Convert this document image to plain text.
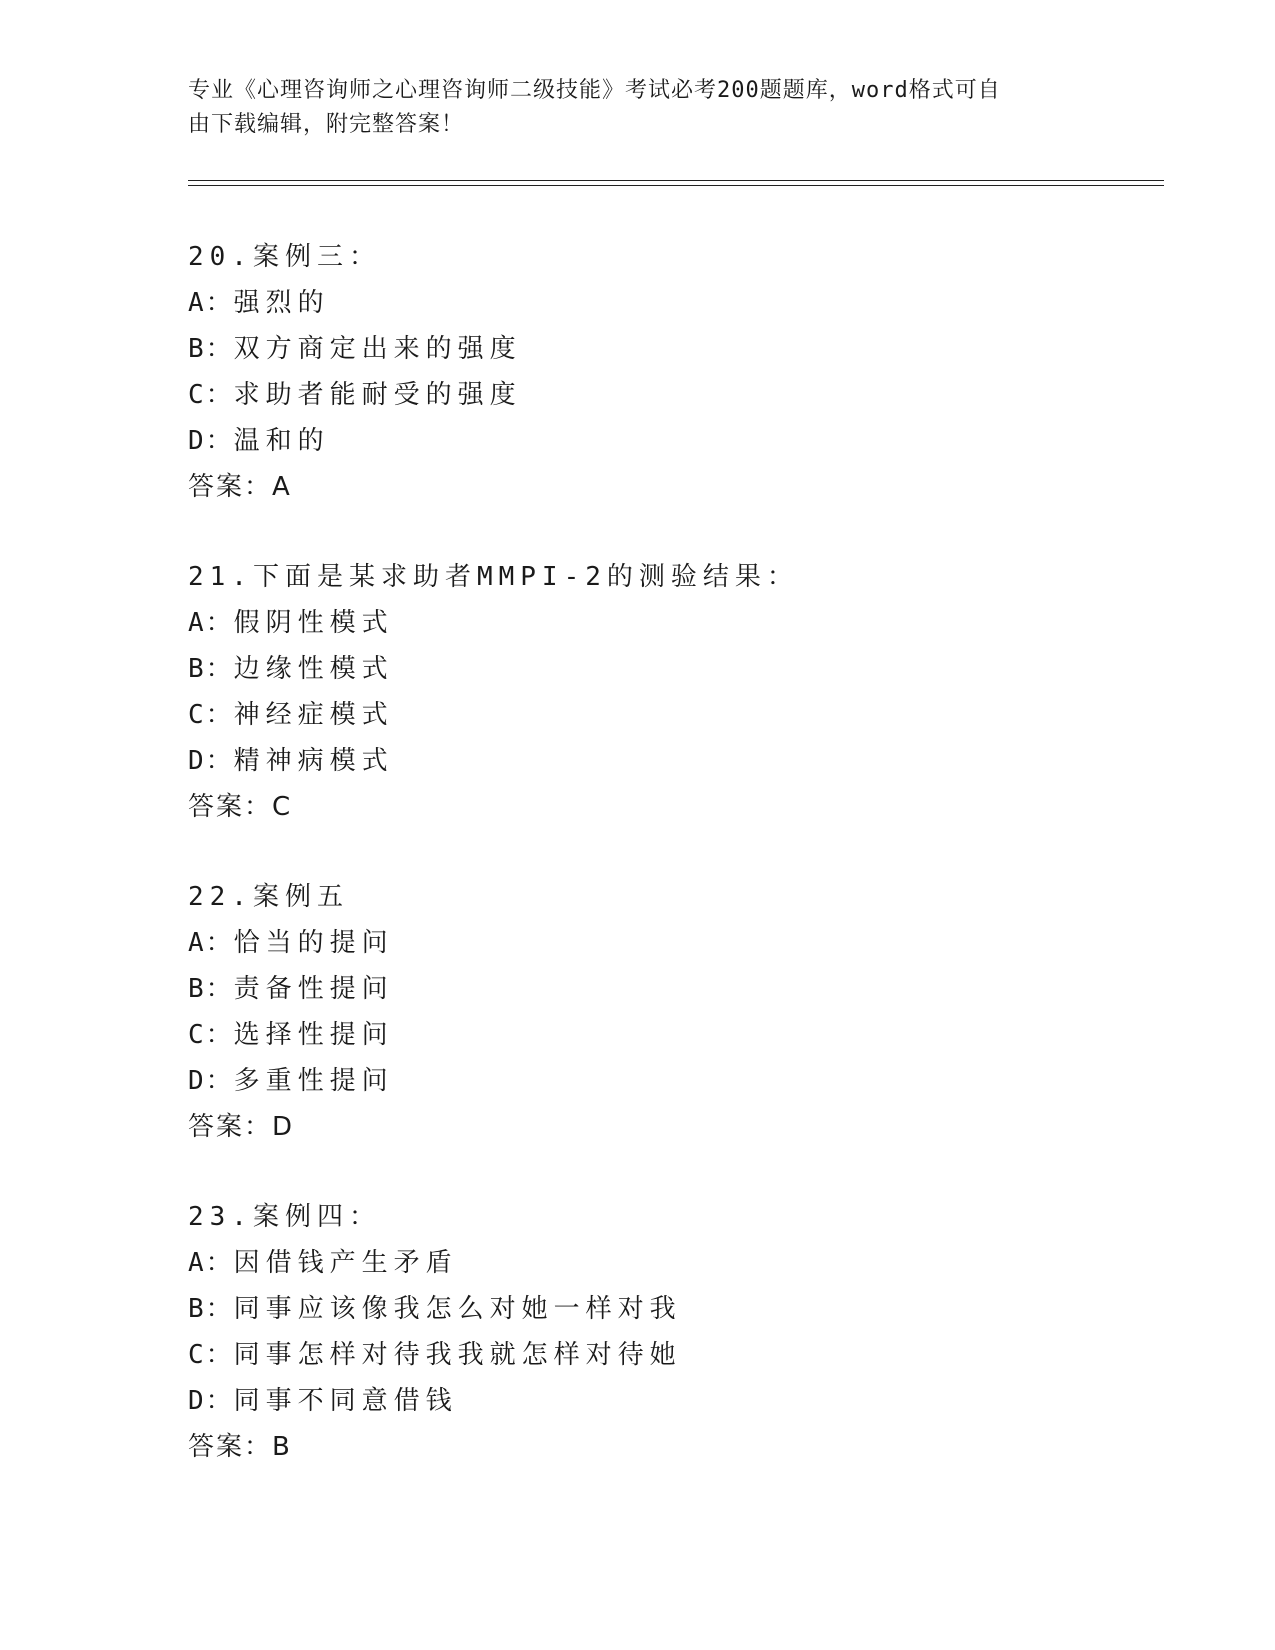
专业《心理咨询师之心理咨询师二级技能》考试必考200题题库，word格式可自
由下载编辑，附完整答案！
20.案例三：
A：强烈的
B：双方商定出来的强度
C：求助者能耐受的强度
D：温和的
答案：A
21.下面是某求助者MMPI-2的测验结果：
A：假阴性模式
B：边缘性模式
C：神经症模式
D：精神病模式
答案：C
22.案例五
A：恰当的提问
B：责备性提问
C：选择性提问
D：多重性提问
答案：D
23.案例四：
A：因借钱产生矛盾
B：同事应该像我怎么对她一样对我
C：同事怎样对待我我就怎样对待她
D：同事不同意借钱
答案：B
